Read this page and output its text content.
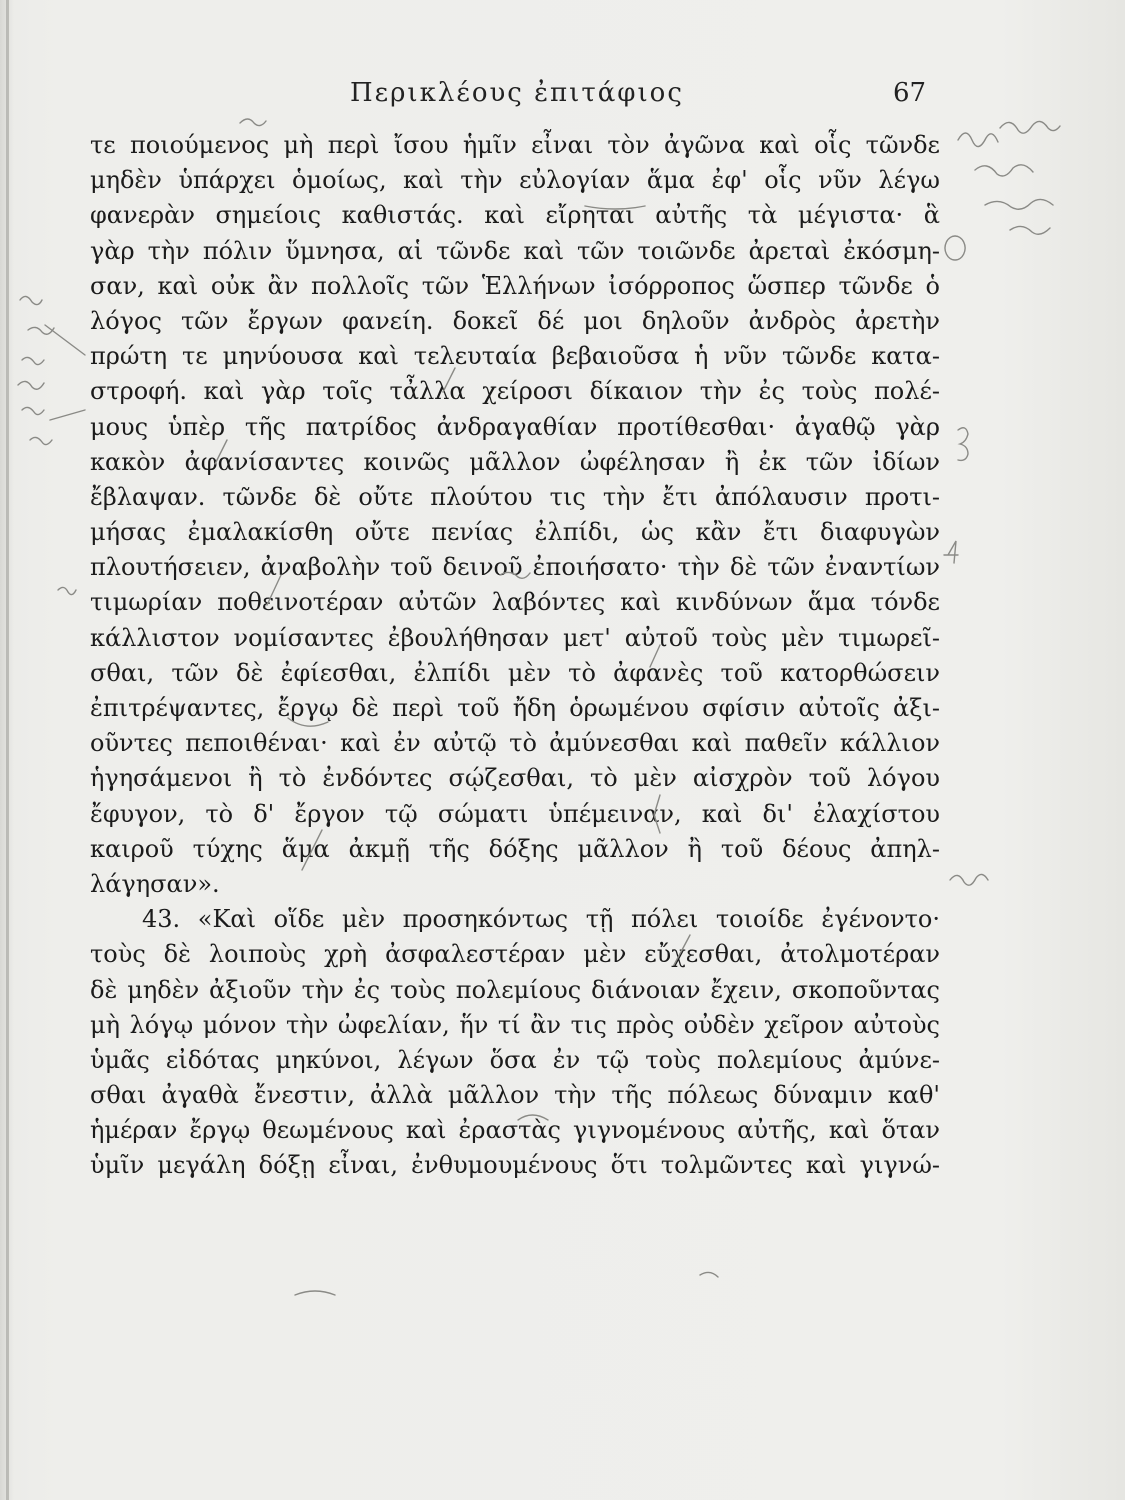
Περικλέους ἐπιτάφιος	67
τε ποιούμενος μὴ περὶ ἴσου ἡμῖν εἶναι τὸν ἀγῶνα καὶ οἷς τῶνδε
μηδὲν ὑπάρχει ὁμοίως, καὶ τὴν εὐλογίαν ἅμα ἐφ' οἷς νῦν λέγω
φανερὰν σημείοις καθιστάς. καὶ εἴρηται αὐτῆς τὰ μέγιστα· ἃ
γὰρ τὴν πόλιν ὕμνησα, αἱ τῶνδε καὶ τῶν τοιῶνδε ἀρεταὶ ἐκόσμη-
σαν, καὶ οὐκ ἂν πολλοῖς τῶν Ἑλλήνων ἰσόρροπος ὥσπερ τῶνδε ὁ
λόγος τῶν ἔργων φανείη. δοκεῖ δέ μοι δηλοῦν ἀνδρὸς ἀρετὴν
πρώτη τε μηνύουσα καὶ τελευταία βεβαιοῦσα ἡ νῦν τῶνδε κατα-
στροφή. καὶ γὰρ τοῖς τἆλλα χείροσι δίκαιον τὴν ἐς τοὺς πολέ-
μους ὑπὲρ τῆς πατρίδος ἀνδραγαθίαν προτίθεσθαι· ἀγαθῷ γὰρ
κακὸν ἀφανίσαντες κοινῶς μᾶλλον ὠφέλησαν ἢ ἐκ τῶν ἰδίων
ἔβλαψαν. τῶνδε δὲ οὔτε πλούτου τις τὴν ἔτι ἀπόλαυσιν προτι-
μήσας ἐμαλακίσθη οὔτε πενίας ἐλπίδι, ὡς κἂν ἔτι διαφυγὼν
πλουτήσειεν, ἀναβολὴν τοῦ δεινοῦ ἐποιήσατο· τὴν δὲ τῶν ἐναντίων
τιμωρίαν ποθεινοτέραν αὐτῶν λαβόντες καὶ κινδύνων ἅμα τόνδε
κάλλιστον νομίσαντες ἐβουλήθησαν μετ' αὐτοῦ τοὺς μὲν τιμωρεῖ-
σθαι, τῶν δὲ ἐφίεσθαι, ἐλπίδι μὲν τὸ ἀφανὲς τοῦ κατορθώσειν
ἐπιτρέψαντες, ἔργῳ δὲ περὶ τοῦ ἤδη ὁρωμένου σφίσιν αὐτοῖς ἀξι-
οῦντες πεποιθέναι· καὶ ἐν αὐτῷ τὸ ἀμύνεσθαι καὶ παθεῖν κάλλιον
ἡγησάμενοι ἢ τὸ ἐνδόντες σῴζεσθαι, τὸ μὲν αἰσχρὸν τοῦ λόγου
ἔφυγον, τὸ δ' ἔργον τῷ σώματι ὑπέμειναν, καὶ δι' ἐλαχίστου
καιροῦ τύχης ἅμα ἀκμῇ τῆς δόξης μᾶλλον ἢ τοῦ δέους ἀπηλ-
λάγησαν».
43. «Καὶ οἵδε μὲν προσηκόντως τῇ πόλει τοιοίδε ἐγένοντο·
τοὺς δὲ λοιποὺς χρὴ ἀσφαλεστέραν μὲν εὔχεσθαι, ἀτολμοτέραν
δὲ μηδὲν ἀξιοῦν τὴν ἐς τοὺς πολεμίους διάνοιαν ἔχειν, σκοποῦντας
μὴ λόγῳ μόνον τὴν ὠφελίαν, ἥν τί ἂν τις πρὸς οὐδὲν χεῖρον αὐτοὺς
ὑμᾶς εἰδότας μηκύνοι, λέγων ὅσα ἐν τῷ τοὺς πολεμίους ἀμύνε-
σθαι ἀγαθὰ ἔνεστιν, ἀλλὰ μᾶλλον τὴν τῆς πόλεως δύναμιν καθ'
ἡμέραν ἔργῳ θεωμένους καὶ ἐραστὰς γιγνομένους αὐτῆς, καὶ ὅταν
ὑμῖν μεγάλη δόξῃ εἶναι, ἐνθυμουμένους ὅτι τολμῶντες καὶ γιγνώ-
